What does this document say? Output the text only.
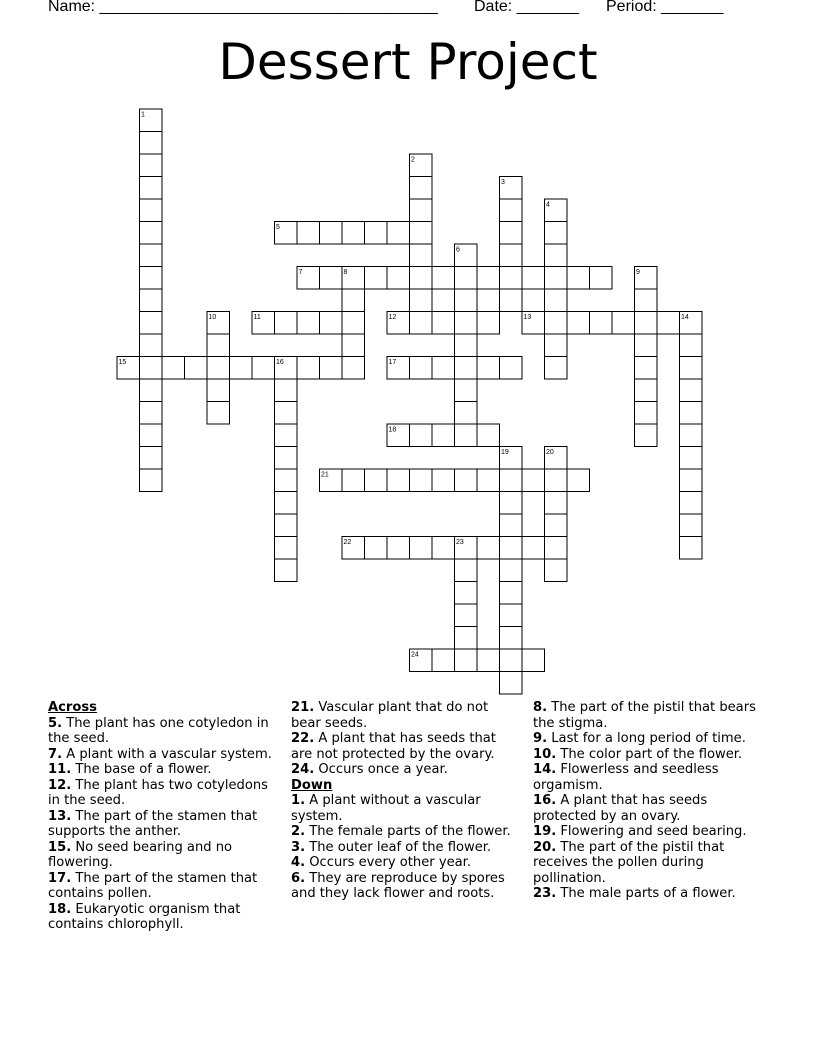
Name: ______________________________________ Date: _______ Period: _______
Dessert Project
1
2
3
4
5
6
7	8	9
10	11	12	13	14
15	16	17
18
19	20
21
22	23
24
Across
5. The plant has one cotyledon in the seed.
7. A plant with a vascular system.
11. The base of a flower.
12. The plant has two cotyledons in the seed.
13. The part of the stamen that supports the anther.
15. No seed bearing and no flowering.
17. The part of the stamen that contains pollen.
18. Eukaryotic organism that contains chlorophyll.
21. Vascular plant that do not bear seeds.
22. A plant that has seeds that are not protected by the ovary.
24. Occurs once a year.
Down
1. A plant without a vascular system.
2. The female parts of the flower.
3. The outer leaf of the flower.
4. Occurs every other year.
6. They are reproduce by spores and they lack flower and roots.
8. The part of the pistil that bears the stigma.
9. Last for a long period of time.
10. The color part of the flower.
14. Flowerless and seedless orgamism.
16. A plant that has seeds protected by an ovary.
19. Flowering and seed bearing.
20. The part of the pistil that receives the pollen during pollination.
23. The male parts of a flower.
